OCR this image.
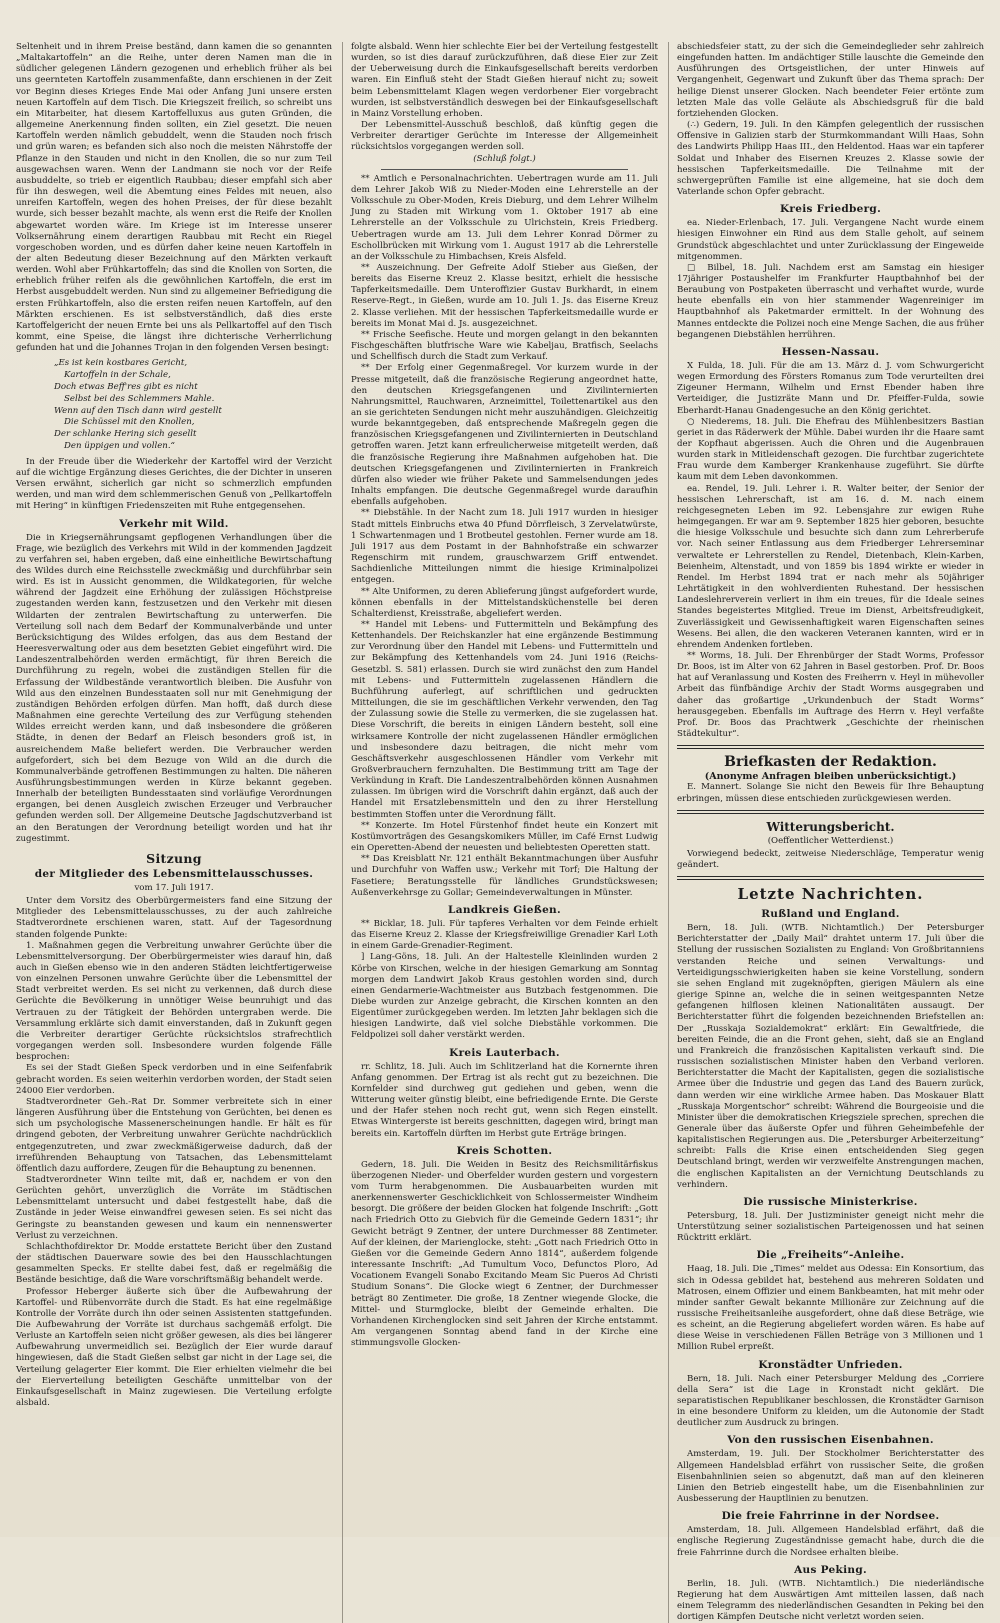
Seltenheit und in ihrem Preise beständ, dann kamen die so genannten „Maltakartoffeln“ an die Reihe, unter deren Namen man die in südlicher gelegenen Ländern gezogenen und erheblich früher als bei uns geernteten Kartoffeln zusammenfaßte, dann erschienen in der Zeit vor Beginn dieses Krieges Ende Mai oder Anfang Juni unsere ersten neuen Kartoffeln auf dem Tisch. Die Kriegszeit freilich, so schreibt uns ein Mitarbeiter, hat diesem Kartoffelluxus aus guten Gründen, die allgemeine Anerkennung finden sollten, ein Ziel gesetzt. Die neuen Kartoffeln werden nämlich gebuddelt, wenn die Stauden noch frisch und grün waren; es befanden sich also noch die meisten Nährstoffe der Pflanze in den Stauden und nicht in den Knollen, die so nur zum Teil ausgewachsen waren. Wenn der Landmann sie noch vor der Reife ausbuddelte, so trieb er eigentlich Raubbau; dieser empfahl sich aber für ihn deswegen, weil die Abemtung eines Feldes mit neuen, also unreifen Kartoffeln, wegen des hohen Preises, der für diese bezahlt wurde, sich besser bezahlt machte, als wenn erst die Reife der Knollen abgewartet worden wäre. Im Kriege ist im Interesse unserer Volksernährung einem derartigen Raubbau mit Recht ein Riegel vorgeschoben worden, und es dürfen daher keine neuen Kartoffeln in der alten Bedeutung dieser Bezeichnung auf den Märkten verkauft werden. Wohl aber Frühkartoffeln; das sind die Knollen von Sorten, die erheblich früher reifen als die gewöhnlichen Kartoffeln, die erst im Herbst ausgebuddelt werden. Nun sind zu allgemeiner Befriedigung die ersten Frühkartoffeln, also die ersten reifen neuen Kartoffeln, auf den Märkten erschienen. Es ist selbstverständlich, daß dies erste Kartoffelgericht der neuen Ernte bei uns als Pellkartoffel auf den Tisch kommt, eine Speise, die längst ihre dichterische Verherrlichung gefunden hat und die Johannes Trojan in den folgenden Versen besingt:

„Es ist kein kostbares Gericht,
Kartoffeln in der Schale,
Doch etwas Beff'res gibt es nicht
Selbst bei des Schlemmers Mahle.
Wenn auf den Tisch dann wird gestellt
Die Schüssel mit den Knollen,
Der schlanke Hering sich gesellt
Den üppigen und vollen.“

In der Freude über die Wiederkehr der Kartoffel wird der Verzicht auf die wichtige Ergänzung dieses Gerichtes, die der Dichter in unseren Versen erwähnt, sicherlich gar nicht so schmerzlich empfunden werden, und man wird dem schlemmerischen Genuß von „Pellkartoffeln mit Hering“ in künftigen Friedenszeiten mit Ruhe entgegensehen.

Verkehr mit Wild.

Die in Kriegsernährungsamt gepflogenen Verhandlungen über die Frage, wie bezüglich des Verkehrs mit Wild in der kommenden Jagdzeit zu verfahren sei, haben ergeben, daß eine einheitliche Bewirtschaftung des Wildes durch eine Reichsstelle zweckmäßig und durchführbar sein wird. Es ist in Aussicht genommen, die Wildkategorien, für welche während der Jagdzeit eine Erhöhung der zulässigen Höchstpreise zugestanden werden kann, festzusetzen und den Verkehr mit diesen Wildarten der zentralen Bewirtschaftung zu unterwerfen. Die Verteilung soll nach dem Bedarf der Kommunalverbände und unter Berücksichtigung des Wildes erfolgen, das aus dem Bestand der Heeresverwaltung oder aus dem besetzten Gebiet eingeführt wird. Die Landeszentralbehörden werden ermächtigt, für ihren Bereich die Durchführung zu regeln, wobei die zuständigen Stellen für die Erfassung der Wildbestände verantwortlich bleiben. Die Ausfuhr von Wild aus den einzelnen Bundesstaaten soll nur mit Genehmigung der zuständigen Behörden erfolgen dürfen. Man hofft, daß durch diese Maßnahmen eine gerechte Verteilung des zur Verfügung stehenden Wildes erreicht werden kann, und daß insbesondere die größeren Städte, in denen der Bedarf an Fleisch besonders groß ist, in ausreichendem Maße beliefert werden. Die Verbraucher werden aufgefordert, sich bei dem Bezuge von Wild an die durch die Kommunalverbände getroffenen Bestimmungen zu halten. Die näheren Ausführungsbestimmungen werden in Kürze bekannt gegeben. Innerhalb der beteiligten Bundesstaaten sind vorläufige Verordnungen ergangen, bei denen Ausgleich zwischen Erzeuger und Verbraucher gefunden werden soll. Der Allgemeine Deutsche Jagdschutzverband ist an den Beratungen der Verordnung beteiligt worden und hat ihr zugestimmt.

Sitzung
der Mitglieder des Lebensmittelausschusses.
vom 17. Juli 1917.

Unter dem Vorsitz des Oberbürgermeisters fand eine Sitzung der Mitglieder des Lebensmittelausschusses, zu der auch zahlreiche Stadtverordnete erschienen waren, statt. Auf der Tagesordnung standen folgende Punkte:

1. Maßnahmen gegen die Verbreitung unwahrer Gerüchte über die Lebensmittelversorgung. Der Oberbürgermeister wies darauf hin, daß auch in Gießen ebenso wie in den anderen Städten leichtfertigerweise von einzelnen Personen unwahre Gerüchte über die Lebensmittel der Stadt verbreitet werden. Es sei nicht zu verkennen, daß durch diese Gerüchte die Bevölkerung in unnötiger Weise beunruhigt und das Vertrauen zu der Tätigkeit der Behörden untergraben werde. Die Versammlung erklärte sich damit einverstanden, daß in Zukunft gegen die Verbreiter derartiger Gerüchte rücksichtslos strafrechtlich vorgegangen werden soll. Insbesondere wurden folgende Fälle besprochen:

Es sei der Stadt Gießen Speck verdorben und in eine Seifenfabrik gebracht worden. Es seien weiterhin verdorben worden, der Stadt seien 24000 Eier verdorben.

Stadtverordneter Geh.-Rat Dr. Sommer verbreitete sich in einer längeren Ausführung über die Entstehung von Gerüchten, bei denen es sich um psychologische Massenerscheinungen handle. Er hält es für dringend geboten, der Verbreitung unwahrer Gerüchte nachdrücklich entgegenzutreten, und zwar zweckmäßigerweise dadurch, daß der irreführenden Behauptung von Tatsachen, das Lebensmittelamt öffentlich dazu auffordere, Zeugen für die Behauptung zu benennen.

Stadtverordneter Winn teilte mit, daß er, nachdem er von den Gerüchten gehört, unverzüglich die Vorräte im Städtischen Lebensmittelamt untersucht und dabei festgestellt habe, daß die Zustände in jeder Weise einwandfrei gewesen seien. Es sei nicht das Geringste zu beanstanden gewesen und kaum ein nennenswerter Verlust zu verzeichnen.

Schlachthofdirektor Dr. Modde erstattete Bericht über den Zustand der städtischen Dauerware sowie des bei den Hausschlachtungen gesammelten Specks. Er stellte dabei fest, daß er regelmäßig die Bestände besichtige, daß die Ware vorschriftsmäßig behandelt werde.

Professor Heberger äußerte sich über die Aufbewahrung der Kartoffel- und Rübenvorräte durch die Stadt. Es hat eine regelmäßige Kontrolle der Vorräte durch ihn oder seinen Assistenten stattgefunden. Die Aufbewahrung der Vorräte ist durchaus sachgemäß erfolgt. Die Verluste an Kartoffeln seien nicht größer gewesen, als dies bei längerer Aufbewahrung unvermeidlich sei. Bezüglich der Eier wurde darauf hingewiesen, daß die Stadt Gießen selbst gar nicht in der Lage sei, die Verteilung gelagerter Eier kommt. Die Eier erhielten vielmehr die bei der Eierverteilung beteiligten Geschäfte unmittelbar von der Einkaufsgesellschaft in Mainz zugewiesen. Die Verteilung erfolgte alsbald.

folgte alsbald. Wenn hier schlechte Eier bei der Verteilung festgestellt wurden, so ist dies darauf zurückzuführen, daß diese Eier zur Zeit der Ueberweisung durch die Einkaufsgesellschaft bereits verdorben waren. Ein Einfluß steht der Stadt Gießen hierauf nicht zu; soweit beim Lebensmittelamt Klagen wegen verdorbener Eier vorgebracht wurden, ist selbstverständlich deswegen bei der Einkaufsgesellschaft in Mainz Vorstellung erhoben.

Der Lebensmittel-Ausschuß beschloß, daß künftig gegen die Verbreiter derartiger Gerüchte im Interesse der Allgemeinheit rücksichtslos vorgegangen werden soll.

(Schluß folgt.)

** Amtlich e Personalnachrichten. Uebertragen wurde am 11. Juli dem Lehrer Jakob Wiß zu Nieder-Moden eine Lehrerstelle an der Volksschule zu Ober-Moden, Kreis Dieburg, und dem Lehrer Wilhelm Jung zu Staden mit Wirkung vom 1. Oktober 1917 ab eine Lehrerstelle an der Volksschule zu Ulrichstein, Kreis Friedberg. Uebertragen wurde am 13. Juli dem Lehrer Konrad Dörmer zu Eschollbrücken mit Wirkung vom 1. August 1917 ab die Lehrerstelle an der Volksschule zu Himbachsen, Kreis Alsfeld.

** Auszeichnung. Der Gefreite Adolf Stieber aus Gießen, der bereits das Eiserne Kreuz 2. Klasse besitzt, erhielt die hessische Tapferkeitsmedaille. Dem Unteroffizier Gustav Burkhardt, in einem Reserve-Regt., in Gießen, wurde am 10. Juli 1. Js. das Eiserne Kreuz 2. Klasse verliehen. Mit der hessischen Tapferkeitsmedaille wurde er bereits im Monat Mai d. Js. ausgezeichnet.

** Frische Seefische. Heute und morgen gelangt in den bekannten Fischgeschäften blutfrische Ware wie Kabeljau, Bratfisch, Seelachs und Schellfisch durch die Stadt zum Verkauf.

** Der Erfolg einer Gegenmaßregel. Vor kurzem wurde in der Presse mitgeteilt, daß die französische Regierung angeordnet hatte, den deutschen Kriegsgefangenen und Zivilinternierten Nahrungsmittel, Rauchwaren, Arzneimittel, Toilettenartikel aus den an sie gerichteten Sendungen nicht mehr auszuhändigen. Gleichzeitig wurde bekanntgegeben, daß entsprechende Maßregeln gegen die französischen Kriegsgefangenen und Zivilinternierten in Deutschland getroffen waren. Jetzt kann erfreulicherweise mitgeteilt werden, daß die französische Regierung ihre Maßnahmen aufgehoben hat. Die deutschen Kriegsgefangenen und Zivilinternierten in Frankreich dürfen also wieder wie früher Pakete und Sammelsendungen jedes Inhalts empfangen. Die deutsche Gegenmaßregel wurde daraufhin ebenfalls aufgehoben.

** Diebstähle. In der Nacht zum 18. Juli 1917 wurden in hiesiger Stadt mittels Einbruchs etwa 40 Pfund Dörrfleisch, 3 Zervelatwürste, 1 Schwartenmagen und 1 Brotbeutel gestohlen. Ferner wurde am 18. Juli 1917 aus dem Postamt in der Bahnhofstraße ein schwarzer Regenschirm mit rundem, grauschwarzem Griff entwendet. Sachdienliche Mitteilungen nimmt die hiesige Kriminalpolizei entgegen.

** Alte Uniformen, zu deren Ablieferung jüngst aufgefordert wurde, können ebenfalls in der Mittelstandsküchenstelle bei deren Schalterdienst, Kreisstraße, abgeliefert werden.

** Handel mit Lebens- und Futtermitteln und Bekämpfung des Kettenhandels. Der Reichskanzler hat eine ergänzende Bestimmung zur Verordnung über den Handel mit Lebens- und Futtermitteln und zur Bekämpfung des Kettenhandels vom 24. Juni 1916 (Reichs-Gesetzbl. S. 581) erlassen. Durch sie wird zunächst den zum Handel mit Lebens- und Futtermitteln zugelassenen Händlern die Buchführung auferlegt, auf schriftlichen und gedruckten Mitteilungen, die sie im geschäftlichen Verkehr verwenden, den Tag der Zulassung sowie die Stelle zu vermerken, die sie zugelassen hat. Diese Vorschrift, die bereits in einigen Ländern besteht, soll eine wirksamere Kontrolle der nicht zugelassenen Händler ermöglichen und insbesondere dazu beitragen, die nicht mehr vom Geschäftsverkehr ausgeschlossenen Händler vom Verkehr mit Großverbrauchern fernzuhalten. Die Bestimmung tritt am Tage der Verkündung in Kraft. Die Landeszentralbehörden können Ausnahmen zulassen. Im übrigen wird die Vorschrift dahin ergänzt, daß auch der Handel mit Ersatzlebensmitteln und den zu ihrer Herstellung bestimmten Stoffen unter die Verordnung fällt.

** Konzerte. Im Hotel Fürstenhof findet heute ein Konzert mit Kostümvorträgen des Gesangskomikers Müller, im Café Ernst Ludwig ein Operetten-Abend der neuesten und beliebtesten Operetten statt.

** Das Kreisblatt Nr. 121 enthält Bekanntmachungen über Ausfuhr und Durchfuhr von Waffen usw.; Verkehr mit Torf; Die Haltung der Fasetiere; Beratungsstelle für ländliches Grundstückswesen; Außenverkehrsge zu Gollar; Gemeindeverwaltungen in Münster.

Landkreis Gießen.

** Bicklar, 18. Juli. Für tapferes Verhalten vor dem Feinde erhielt das Eiserne Kreuz 2. Klasse der Kriegsfreiwillige Grenadier Karl Loth in einem Garde-Grenadier-Regiment.

] Lang-Göns, 18. Juli. An der Haltestelle Kleinlinden wurden 2 Körbe von Kirschen, welche in der hiesigen Gemarkung am Sonntag morgen dem Landwirt Jakob Kraus gestohlen worden sind, durch einen Gendarmerie-Wachtmeister aus Butzbach festgenommen. Die Diebe wurden zur Anzeige gebracht, die Kirschen konnten an den Eigentümer zurückgegeben werden. Im letzten Jahr beklagen sich die hiesigen Landwirte, daß viel solche Diebstähle vorkommen. Die Feldpolizei soll daher verstärkt werden.

Kreis Lauterbach.

rr. Schlitz, 18. Juli. Auch im Schlitzerland hat die Kornernte ihren Anfang genommen. Der Ertrag ist als recht gut zu bezeichnen. Die Kornfelder sind durchweg gut gediehen und geben, wenn die Witterung weiter günstig bleibt, eine befriedigende Ernte. Die Gerste und der Hafer stehen noch recht gut, wenn sich Regen einstellt. Etwas Wintergerste ist bereits geschnitten, dagegen wird, bringt man bereits ein. Kartoffeln dürften im Herbst gute Erträge bringen.

Kreis Schotten.

Gedern, 18. Juli. Die Weiden in Besitz des Reichsmilitärfiskus überzogenen Nieder- und Oberfelder wurden gestern und vorgestern vom Turm herabgenommen. Die Ausbauarbeiten wurden mit anerkennenswerter Geschicklichkeit von Schlossermeister Windheim besorgt. Die größere der beiden Glocken hat folgende Inschrift: „Gott nach Friedrich Otto zu Giebvich für die Gemeinde Gedern 1831“; ihr Gewicht beträgt 9 Zentner, der untere Durchmesser 88 Zentimeter. Auf der kleinen, der Marienglocke, steht: „Gott nach Friedrich Otto in Gießen vor die Gemeinde Gedern Anno 1814“, außerdem folgende interessante Inschrift: „Ad Tumultum Voco, Defunctos Ploro, Ad Vocationem Evangeli Sonabo Excitando Meam Sic Pueros Ad Christi Studium Sonans“. Die Glocke wiegt 6 Zentner, der Durchmesser beträgt 80 Zentimeter. Die große, 18 Zentner wiegende Glocke, die Mittel- und Sturmglocke, bleibt der Gemeinde erhalten. Die Vorhandenen Kirchenglocken sind seit Jahren der Kirche entstammt. Am vergangenen Sonntag abend fand in der Kirche eine stimmungsvolle Glocken-

abschiedsfeier statt, zu der sich die Gemeindeglieder sehr zahlreich eingefunden hatten. Im andächtiger Stille lauschte die Gemeinde den Ausführungen des Ortsgeistlichen, der unter Hinweis auf Vergangenheit, Gegenwart und Zukunft über das Thema sprach: Der heilige Dienst unserer Glocken. Nach beendeter Feier ertönte zum letzten Male das volle Geläute als Abschiedsgruß für die bald fortziehenden Glocken.

(∴) Gedern, 19. Juli. In den Kämpfen gelegentlich der russischen Offensive in Galizien starb der Sturmkommandant Willi Haas, Sohn des Landwirts Philipp Haas III., den Heldentod. Haas war ein tapferer Soldat und Inhaber des Eisernen Kreuzes 2. Klasse sowie der hessischen Tapferkeitsmedaille. Die Teilnahme mit der schwergeprüften Familie ist eine allgemeine, hat sie doch dem Vaterlande schon Opfer gebracht.

Kreis Friedberg.

ea. Nieder-Erlenbach, 17. Juli. Vergangene Nacht wurde einem hiesigen Einwohner ein Rind aus dem Stalle geholt, auf seinem Grundstück abgeschlachtet und unter Zurücklassung der Eingeweide mitgenommen.

□ Bilbel, 18. Juli. Nachdem erst am Samstag ein hiesiger 17jähriger Postaushelfer im Frankfurter Hauptbahnhof bei der Beraubung von Postpaketen überrascht und verhaftet wurde, wurde heute ebenfalls ein von hier stammender Wagenreiniger im Hauptbahnhof als Paketmarder ermittelt. In der Wohnung des Mannes entdeckte die Polizei noch eine Menge Sachen, die aus früher begangenen Diebstählen herrühren.

Hessen-Nassau.

X Fulda, 18. Juli. Für die am 13. März d. J. vom Schwurgericht wegen Ermordung des Försters Romanus zum Tode verurteilten drei Zigeuner Hermann, Wilhelm und Ernst Ebender haben ihre Verteidiger, die Justizräte Mann und Dr. Pfeiffer-Fulda, sowie Eberhardt-Hanau Gnadengesuche an den König gerichtet.

○ Niederems, 18. Juli. Die Ehefrau des Mühlenbesitzers Bastian geriet in das Räderwerk der Mühle. Dabei wurden ihr die Haare samt der Kopfhaut abgerissen. Auch die Ohren und die Augenbrauen wurden stark in Mitleidenschaft gezogen. Die furchtbar zugerichtete Frau wurde dem Kamberger Krankenhause zugeführt. Sie dürfte kaum mit dem Leben davonkommen.

ea. Rendel, 19. Juli. Lehrer i. R. Walter beiter, der Senior der hessischen Lehrerschaft, ist am 16. d. M. nach einem reichgesegneten Leben im 92. Lebensjahre zur ewigen Ruhe heimgegangen. Er war am 9. September 1825 hier geboren, besuchte die hiesige Volksschule und besuchte sich dann zum Lehrerberufe vor. Nach seiner Entlassung aus dem Friedberger Lehrerseminar verwaltete er Lehrerstellen zu Rendel, Dietenbach, Klein-Karben, Beienheim, Altenstadt, und von 1859 bis 1894 wirkte er wieder in Rendel. Im Herbst 1894 trat er nach mehr als 50jähriger Lehrtätigkeit in den wohlverdienten Ruhestand. Der hessischen Landeslehrerverein verliert in ihm ein treues, für die Ideale seines Standes begeistertes Mitglied. Treue im Dienst, Arbeitsfreudigkeit, Zuverlässigkeit und Gewissenhaftigkeit waren Eigenschaften seines Wesens. Bei allen, die den wackeren Veteranen kannten, wird er in ehrendem Andenken fortleben.

** Worms, 18. Juli. Der Ehrenbürger der Stadt Worms, Professor Dr. Boos, ist im Alter von 62 Jahren in Basel gestorben. Prof. Dr. Boos hat auf Veranlassung und Kosten des Freiherrn v. Heyl in mühevoller Arbeit das fünfbändige Archiv der Stadt Worms ausgegraben und daher das großartige „Urkundenbuch der Stadt Worms“ herausgegeben. Ebenfalls im Auftrage des Herrn v. Heyl verfaßte Prof. Dr. Boos das Prachtwerk „Geschichte der rheinischen Städtekultur“.

Briefkasten der Redaktion.
(Anonyme Anfragen bleiben unberücksichtigt.)

E. Mannert. Solange Sie nicht den Beweis für Ihre Behauptung erbringen, müssen diese entschieden zurückgewiesen werden.

Witterungsbericht.
(Oeffentlicher Wetterdienst.)

Vorwiegend bedeckt, zeitweise Niederschläge, Temperatur wenig geändert.

Letzte Nachrichten.
Rußland und England.

Bern, 18. Juli. (WTB. Nichtamtlich.) Der Petersburger Berichterstatter der „Daily Mail“ drahtet unterm 17. Juli über die Stellung der russischen Sozialisten zu England: Von Großbritanniens verstanden Reiche und seinen Verwaltungs- und Verteidigungsschwierigkeiten haben sie keine Vorstellung, sondern sie sehen England mit zugeknöpften, gierigen Mäulern als eine gierige Spinne an, welche die in seinen weitgespannten Netze gefangenen hilflosen kleinen Nationalitäten aussaugt. Der Berichterstatter führt die folgenden bezeichnenden Briefstellen an: Der „Russkaja Sozialdemokrat“ erklärt: Ein Gewaltfriede, die bereiten Feinde, die an die Front gehen, sieht, daß sie an England und Frankreich die französischen Kapitalisten verkauft sind. Die russischen sozialistischen Minister haben den Verband verloren. Berichterstatter die Macht der Kapitalisten, gegen die sozialistische Armee über die Industrie und gegen das Land des Bauern zurück, dann werden wir eine wirkliche Armee haben. Das Moskauer Blatt „Russkaja Morgentschor“ schreibt: Während die Bourgeoisie und die Minister über die demokratischen Kriegsziele sprechen, sprechen die Generale über das äußerste Opfer und führen Geheimbefehle der kapitalistischen Regierungen aus. Die „Petersburger Arbeiterzeitung“ schreibt: Falls die Krise einen entscheidenden Sieg gegen Deutschland bringt, werden wir verzweifelte Anstrengungen machen, die englischen Kapitalisten an der Vernichtung Deutschlands zu verhindern.

Die russische Ministerkrise.

Petersburg, 18. Juli. Der Justizminister geneigt nicht mehr die Unterstützung seiner sozialistischen Parteigenossen und hat seinen Rücktritt erklärt.

Die „Freiheits“-Anleihe.

Haag, 18. Juli. Die „Times“ meldet aus Odessa: Ein Konsortium, das sich in Odessa gebildet hat, bestehend aus mehreren Soldaten und Matrosen, einem Offizier und einem Bankbeamten, hat mit mehr oder minder sanfter Gewalt bekannte Millionäre zur Zeichnung auf die russische Freiheitsanleihe ausgefordert, ohne daß diese Beträge, wie es scheint, an die Regierung abgeliefert worden wären. Es habe auf diese Weise in verschiedenen Fällen Beträge von 3 Millionen und 1 Million Rubel erpreßt.

Kronstädter Unfrieden.

Bern, 18. Juli. Nach einer Petersburger Meldung des „Corriere della Sera“ ist die Lage in Kronstadt nicht geklärt. Die separatistischen Republikaner beschlossen, die Kronstädter Garnison in eine besondere Uniform zu kleiden, um die Autonomie der Stadt deutlicher zum Ausdruck zu bringen.

Von den russischen Eisenbahnen.

Amsterdam, 19. Juli. Der Stockholmer Berichterstatter des Allgemeen Handelsblad erfährt von russischer Seite, die großen Eisenbahnlinien seien so abgenutzt, daß man auf den kleineren Linien den Betrieb eingestellt habe, um die Eisenbahnlinien zur Ausbesserung der Hauptlinien zu benutzen.

Die freie Fahrrinne in der Nordsee.

Amsterdam, 18. Juli. Allgemeen Handelsblad erfährt, daß die englische Regierung Zugeständnisse gemacht habe, durch die die freie Fahrrinne durch die Nordsee erhalten bleibe.

Aus Peking.

Berlin, 18. Juli. (WTB. Nichtamtlich.) Die niederländische Regierung hat dem Auswärtigen Amt mitteilen lassen, daß nach einem Telegramm des niederländischen Gesandten in Peking bei den dortigen Kämpfen Deutsche nicht verletzt worden seien.
